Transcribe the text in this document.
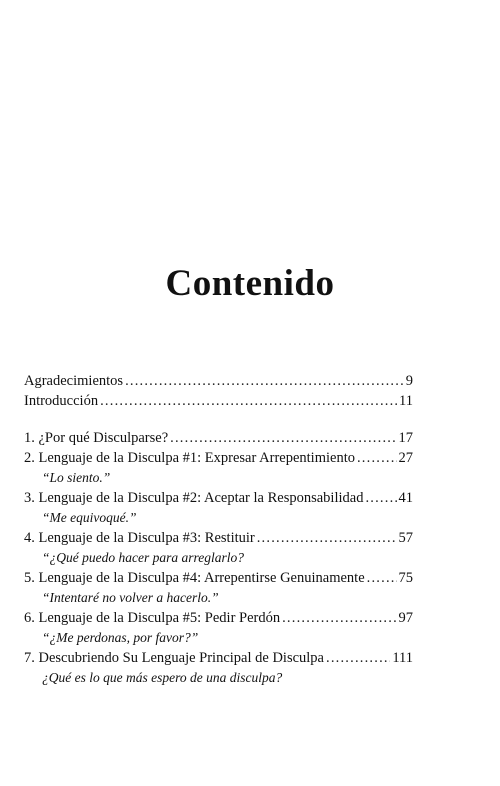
Contenido
Agradecimientos .....	9
Introducción .....	11
1. ¿Por qué Disculparse? .....	17
2. Lenguaje de la Disculpa #1: Expresar Arrepentimiento .....	27
“Lo siento.”
3. Lenguaje de la Disculpa #2: Aceptar la Responsabilidad ..... 41
“Me equivoqué.”
4. Lenguaje de la Disculpa #3: Restituir .....	57
“¿Qué puedo hacer para arreglarlo?
5. Lenguaje de la Disculpa #4: Arrepentirse Genuinamente ..... 75
“Intentaré no volver a hacerlo.”
6. Lenguaje de la Disculpa #5: Pedir Perdón .....	97
“¿Me perdonas, por favor?”
7. Descubriendo Su Lenguaje Principal de Disculpa .....	111
¿Qué es lo que más espero de una disculpa?
